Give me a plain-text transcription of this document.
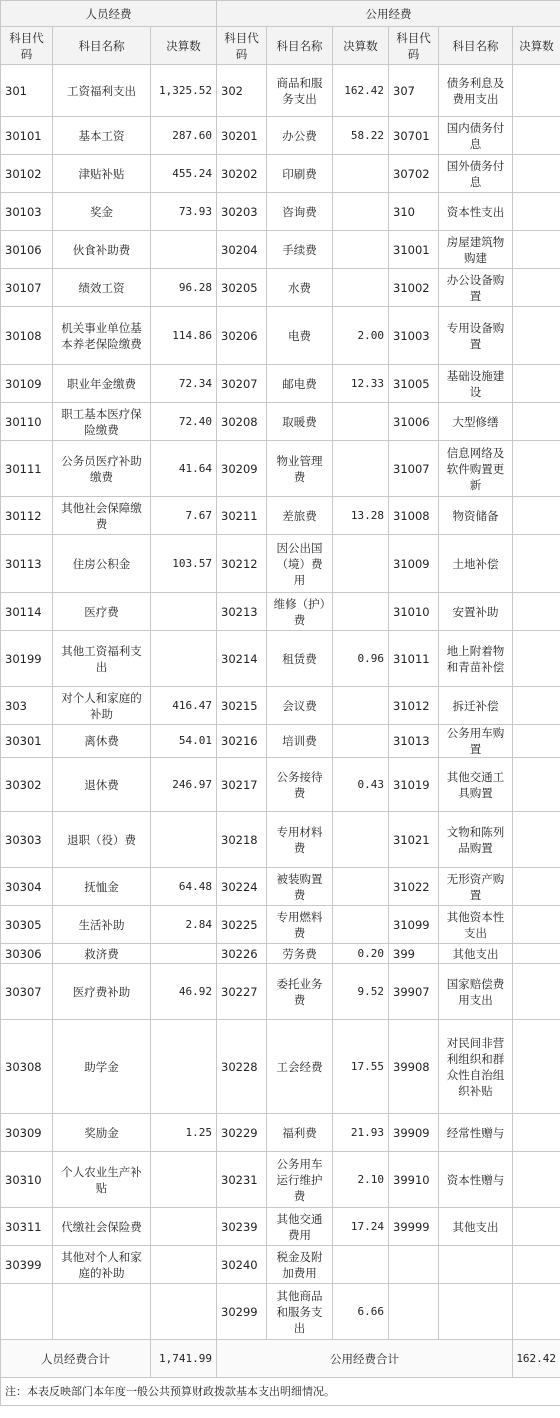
人员经费			公用经费					
科目代码	科目名称	决算数	科目代码	科目名称	决算数	科目代码	科目名称	决算数
301	工资福利支出	1,325.52	302	商品和服务支出	162.42	307	债务利息及费用支出	
30101	基本工资	287.60	30201	办公费	58.22	30701	国内债务付息	
30102	津贴补贴	455.24	30202	印刷费		30702	国外债务付息	
30103	奖金	73.93	30203	咨询费		310	资本性支出	
30106	伙食补助费		30204	手续费		31001	房屋建筑物购建	
30107	绩效工资	96.28	30205	水费		31002	办公设备购置	
30108	机关事业单位基本养老保险缴费	114.86	30206	电费	2.00	31003	专用设备购置	
30109	职业年金缴费	72.34	30207	邮电费	12.33	31005	基础设施建设	
30110	职工基本医疗保险缴费	72.40	30208	取暖费		31006	大型修缮	
30111	公务员医疗补助缴费	41.64	30209	物业管理费		31007	信息网络及软件购置更新	
30112	其他社会保障缴费	7.67	30211	差旅费	13.28	31008	物资储备	
30113	住房公积金	103.57	30212	因公出国（境）费用		31009	土地补偿	
30114	医疗费		30213	维修（护）费		31010	安置补助	
30199	其他工资福利支出		30214	租赁费	0.96	31011	地上附着物和青苗补偿	
303	对个人和家庭的补助	416.47	30215	会议费		31012	拆迁补偿	
30301	离休费	54.01	30216	培训费		31013	公务用车购置	
30302	退休费	246.97	30217	公务接待费	0.43	31019	其他交通工具购置	
30303	退职（役）费		30218	专用材料费		31021	文物和陈列品购置	
30304	抚恤金	64.48	30224	被装购置费		31022	无形资产购置	
30305	生活补助	2.84	30225	专用燃料费		31099	其他资本性支出	
30306	救济费		30226	劳务费	0.20	399	其他支出	
30307	医疗费补助	46.92	30227	委托业务费	9.52	39907	国家赔偿费用支出	
30308	助学金		30228	工会经费	17.55	39908	对民间非营利组织和群众性自治组织补贴	
30309	奖励金	1.25	30229	福利费	21.93	39909	经常性赠与	
30310	个人农业生产补贴		30231	公务用车运行维护费	2.10	39910	资本性赠与	
30311	代缴社会保险费		30239	其他交通费用	17.24	39999	其他支出	
30399	其他对个人和家庭的补助		30240	税金及附加费用				
			30299	其他商品和服务支出	6.66			
人员经费合计		1,741.99	公用经费合计					162.42
注：本表反映部门本年度一般公共预算财政拨款基本支出明细情况。								
